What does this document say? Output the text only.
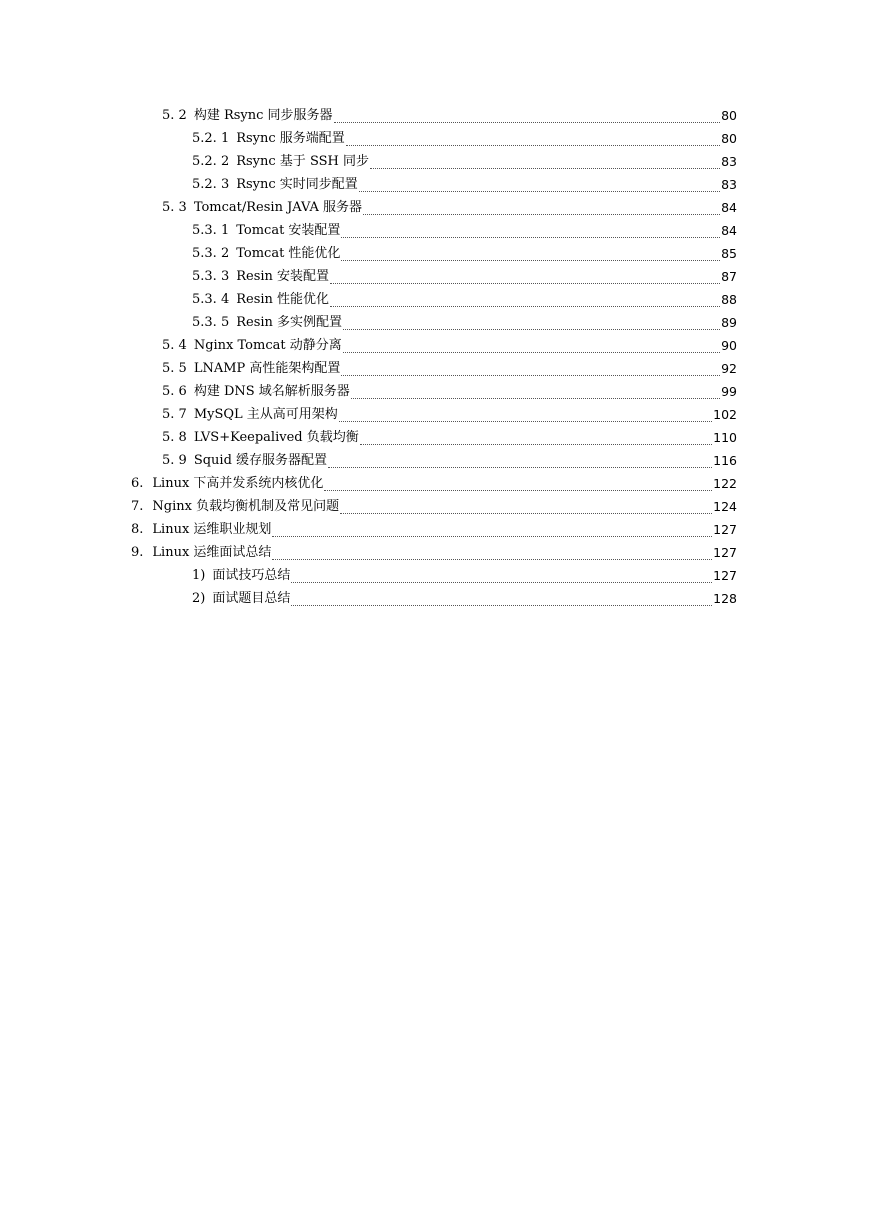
5. 2 构建 Rsync 同步服务器	80
5.2. 1 Rsync 服务端配置	80
5.2. 2 Rsync 基于 SSH 同步	83
5.2. 3 Rsync 实时同步配置	83
5. 3 Tomcat/Resin JAVA 服务器	84
5.3. 1 Tomcat 安装配置	84
5.3. 2 Tomcat 性能优化	85
5.3. 3 Resin 安装配置	87
5.3. 4 Resin 性能优化	88
5.3. 5 Resin 多实例配置	89
5. 4 Nginx Tomcat 动静分离	90
5. 5 LNAMP 高性能架构配置	92
5. 6 构建 DNS 域名解析服务器	99
5. 7 MySQL 主从高可用架构	102
5. 8 LVS+Keepalived 负载均衡	110
5. 9 Squid 缓存服务器配置	116
6. Linux 下高并发系统内核优化	122
7. Nginx 负载均衡机制及常见问题	124
8. Linux 运维职业规划	127
9. Linux 运维面试总结	127
1) 面试技巧总结	127
2) 面试题目总结	128
